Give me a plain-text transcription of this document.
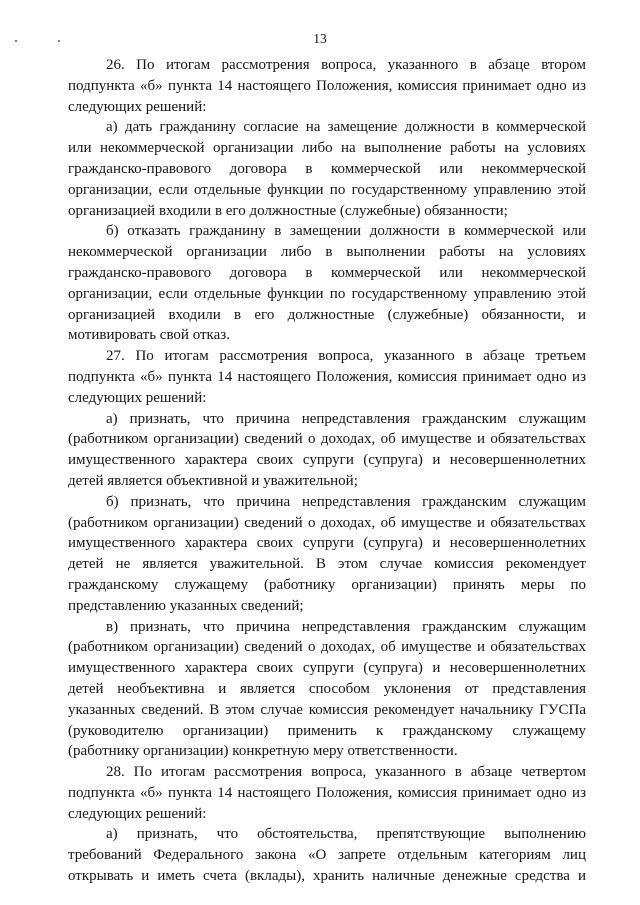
13
26. По итогам рассмотрения вопроса, указанного в абзаце втором
подпункта «б» пункта 14 настоящего Положения, комиссия принимает одно из
следующих решений:
а) дать гражданину согласие на замещение должности в коммерческой
или некоммерческой организации либо на выполнение работы на условиях
гражданско-правового договора в коммерческой или некоммерческой
организации, если отдельные функции по государственному управлению этой
организацией входили в его должностные (служебные) обязанности;
б) отказать гражданину в замещении должности в коммерческой или
некоммерческой организации либо в выполнении работы на условиях
гражданско-правового договора в коммерческой или некоммерческой
организации, если отдельные функции по государственному управлению этой
организацией входили в его должностные (служебные) обязанности, и
мотивировать свой отказ.
27. По итогам рассмотрения вопроса, указанного в абзаце третьем
подпункта «б» пункта 14 настоящего Положения, комиссия принимает одно из
следующих решений:
а) признать, что причина непредставления гражданским служащим
(работником организации) сведений о доходах, об имуществе и обязательствах
имущественного характера своих супруги (супруга) и несовершеннолетних
детей является объективной и уважительной;
б) признать, что причина непредставления гражданским служащим
(работником организации) сведений о доходах, об имуществе и обязательствах
имущественного характера своих супруги (супруга) и несовершеннолетних
детей не является уважительной. В этом случае комиссия рекомендует
гражданскому служащему (работнику организации) принять меры по
представлению указанных сведений;
в) признать, что причина непредставления гражданским служащим
(работником организации) сведений о доходах, об имуществе и обязательствах
имущественного характера своих супруги (супруга) и несовершеннолетних
детей необъективна и является способом уклонения от представления
указанных сведений. В этом случае комиссия рекомендует начальнику ГУСПа
(руководителю организации) применить к гражданскому служащему
(работнику организации) конкретную меру ответственности.
28. По итогам рассмотрения вопроса, указанного в абзаце четвертом
подпункта «б» пункта 14 настоящего Положения, комиссия принимает одно из
следующих решений:
а) признать, что обстоятельства, препятствующие выполнению
требований Федерального закона «О запрете отдельным категориям лиц
открывать и иметь счета (вклады), хранить наличные денежные средства и
